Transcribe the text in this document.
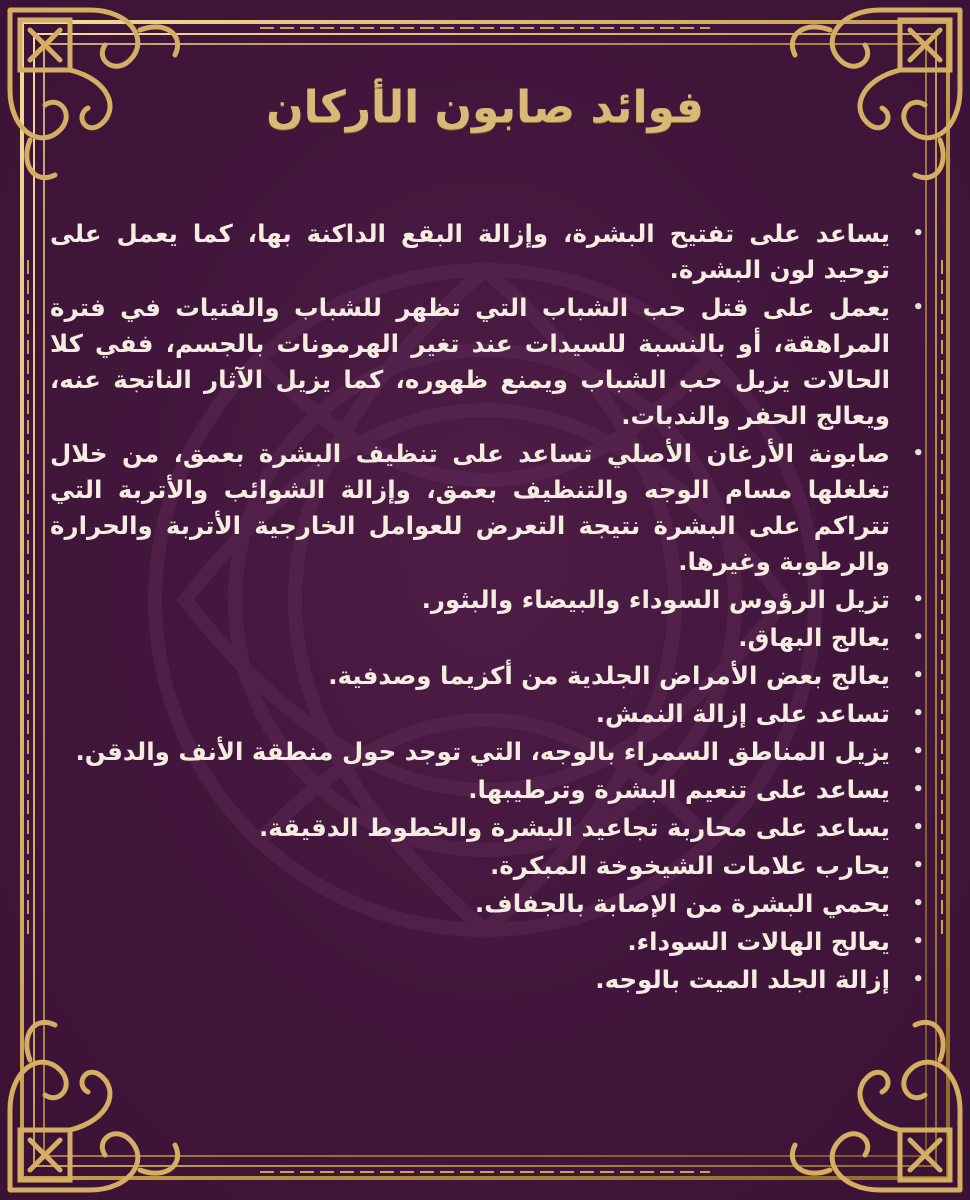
فوائد صابون الأركان
•
يساعد على تفتيح البشرة، وإزالة البقع الداكنة بها، كما يعمل على توحيد لون البشرة.
•
يعمل على قتل حب الشباب التي تظهر للشباب والفتيات في فترة المراهقة، أو بالنسبة للسيدات عند تغير الهرمونات بالجسم، ففي كلا الحالات يزيل حب الشباب ويمنع ظهوره، كما يزيل الآثار الناتجة عنه، ويعالج الحفر والندبات.
•
صابونة الأرغان الأصلي تساعد على تنظيف البشرة بعمق، من خلال تغلغلها مسام الوجه والتنظيف بعمق، وإزالة الشوائب والأتربة التي تتراكم على البشرة نتيجة التعرض للعوامل الخارجية الأتربة والحرارة والرطوبة وغيرها.
•
تزيل الرؤوس السوداء والبيضاء والبثور.
•
يعالج البهاق.
•
يعالج بعض الأمراض الجلدية من أكزيما وصدفية.
•
تساعد على إزالة النمش.
•
يزيل المناطق السمراء بالوجه، التي توجد حول منطقة الأنف والدقن.
•
يساعد على تنعيم البشرة وترطيبها.
•
يساعد على محاربة تجاعيد البشرة والخطوط الدقيقة.
•
يحارب علامات الشيخوخة المبكرة.
•
يحمي البشرة من الإصابة بالجفاف.
•
يعالج الهالات السوداء.
•
إزالة الجلد الميت بالوجه.
